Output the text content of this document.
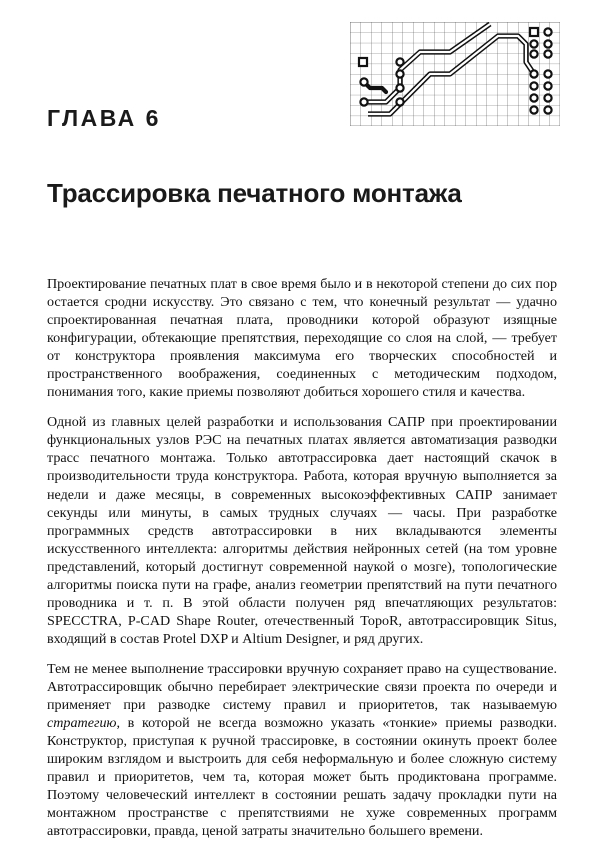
ГЛАВА 6
Трассировка печатного монтажа

Проектирование печатных плат в свое время было и в некоторой степени до сих пор остается сродни искусству. Это связано с тем, что конечный результат — удачно спроектированная печатная плата, проводники которой образуют изящные конфигурации, обтекающие препятствия, переходящие со слоя на слой, — требует от конструктора проявления максимума его творческих способностей и пространственного воображения, соединенных с методическим подходом, понимания того, какие приемы позволяют добиться хорошего стиля и качества.

Одной из главных целей разработки и использования САПР при проектировании функциональных узлов РЭС на печатных платах является автоматизация разводки трасс печатного монтажа. Только автотрассировка дает настоящий скачок в производительности труда конструктора. Работа, которая вручную выполняется за недели и даже месяцы, в современных высокоэффективных САПР занимает секунды или минуты, в самых трудных случаях — часы. При разработке программных средств автотрассировки в них вкладываются элементы искусственного интеллекта: алгоритмы действия нейронных сетей (на том уровне представлений, который достигнут современной наукой о мозге), топологические алгоритмы поиска пути на графе, анализ геометрии препятствий на пути печатного проводника и т. п. В этой области получен ряд впечатляющих результатов: SPECCTRA, P-CAD Shape Router, отечественный TopoR, автотрассировщик Situs, входящий в состав Protel DXP и Altium Designer, и ряд других.

Тем не менее выполнение трассировки вручную сохраняет право на существование. Автотрассировщик обычно перебирает электрические связи проекта по очереди и применяет при разводке систему правил и приоритетов, так называемую стратегию, в которой не всегда возможно указать «тонкие» приемы разводки. Конструктор, приступая к ручной трассировке, в состоянии окинуть проект более широким взглядом и выстроить для себя неформальную и более сложную систему правил и приоритетов, чем та, которая может быть продиктована программе. Поэтому человеческий интеллект в состоянии решать задачу прокладки пути на монтажном пространстве с препятствиями не хуже современных программ автотрассировки, правда, ценой затраты значительно большего времени.
